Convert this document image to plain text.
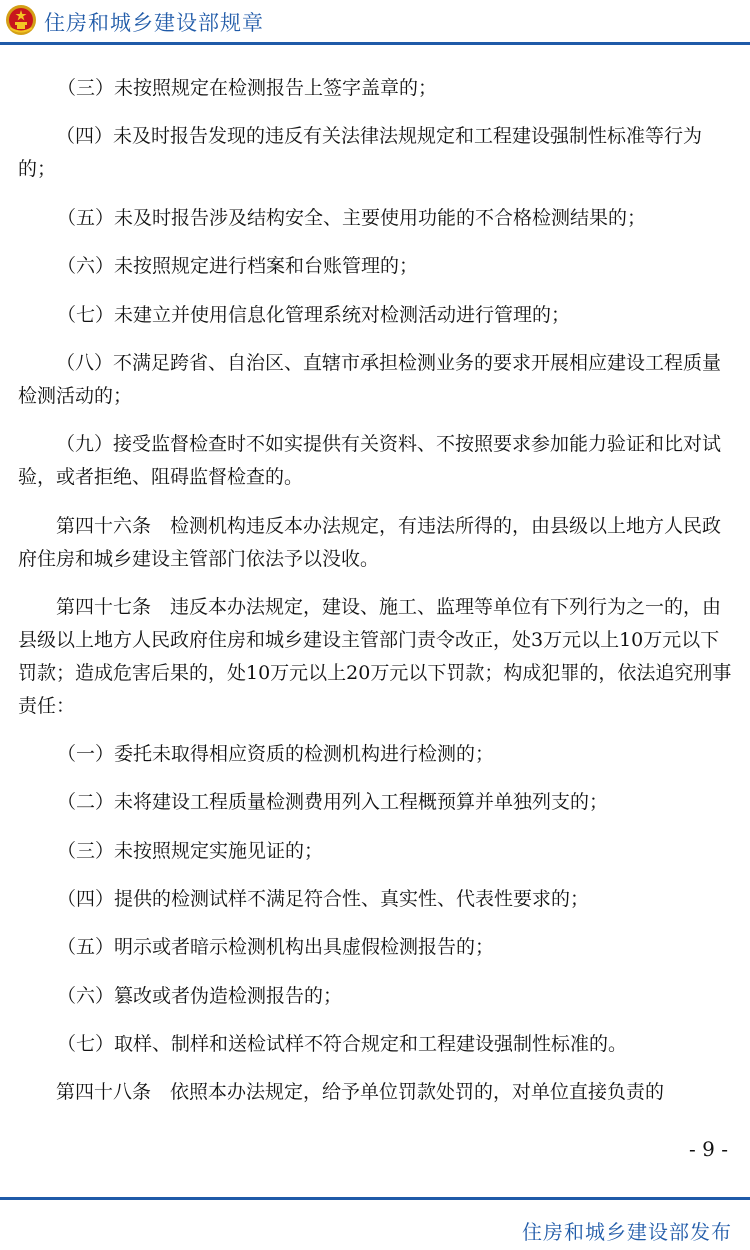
住房和城乡建设部规章

（三）未按照规定在检测报告上签字盖章的；

（四）未及时报告发现的违反有关法律法规规定和工程建设强制性标准等行为的；

（五）未及时报告涉及结构安全、主要使用功能的不合格检测结果的；

（六）未按照规定进行档案和台账管理的；

（七）未建立并使用信息化管理系统对检测活动进行管理的；

（八）不满足跨省、自治区、直辖市承担检测业务的要求开展相应建设工程质量检测活动的；

（九）接受监督检查时不如实提供有关资料、不按照要求参加能力验证和比对试验，或者拒绝、阻碍监督检查的。

第四十六条　检测机构违反本办法规定，有违法所得的，由县级以上地方人民政府住房和城乡建设主管部门依法予以没收。

第四十七条　违反本办法规定，建设、施工、监理等单位有下列行为之一的，由县级以上地方人民政府住房和城乡建设主管部门责令改正，处3万元以上10万元以下罚款；造成危害后果的，处10万元以上20万元以下罚款；构成犯罪的，依法追究刑事责任：

（一）委托未取得相应资质的检测机构进行检测的；

（二）未将建设工程质量检测费用列入工程概预算并单独列支的；

（三）未按照规定实施见证的；

（四）提供的检测试样不满足符合性、真实性、代表性要求的；

（五）明示或者暗示检测机构出具虚假检测报告的；

（六）篡改或者伪造检测报告的；

（七）取样、制样和送检试样不符合规定和工程建设强制性标准的。

第四十八条　依照本办法规定，给予单位罚款处罚的，对单位直接负责的

- 9 -
住房和城乡建设部发布
